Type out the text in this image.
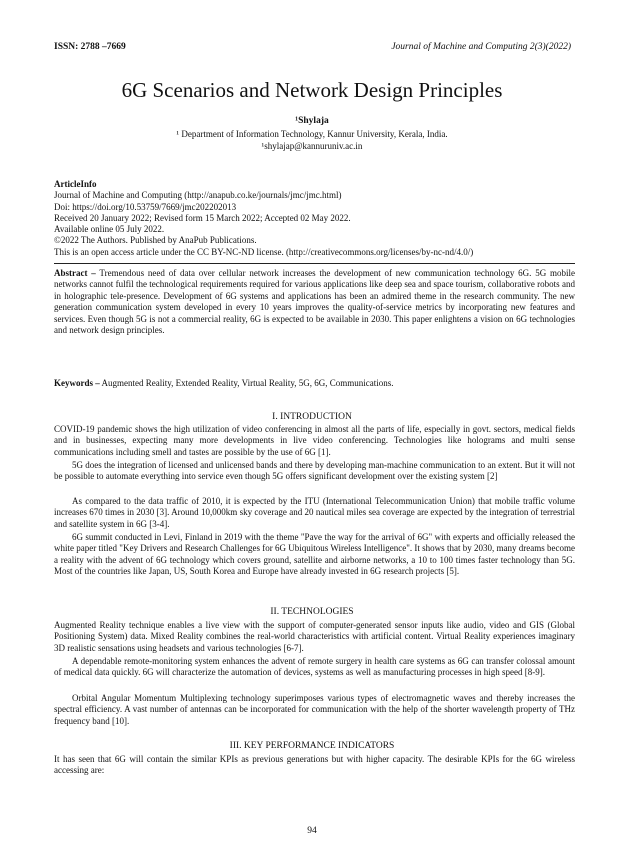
ISSN: 2788 –7669	Journal of Machine and Computing 2(3)(2022)
6G Scenarios and Network Design Principles
¹Shylaja
¹ Department of Information Technology, Kannur University, Kerala, India.
¹shylajap@kannuruniv.ac.in
ArticleInfo
Journal of Machine and Computing (http://anapub.co.ke/journals/jmc/jmc.html)
Doi: https://doi.org/10.53759/7669/jmc202202013
Received 20 January 2022; Revised form 15 March 2022; Accepted 02 May 2022.
Available online 05 July 2022.
©2022 The Authors. Published by AnaPub Publications.
This is an open access article under the CC BY-NC-ND license. (http://creativecommons.org/licenses/by-nc-nd/4.0/)
Abstract – Tremendous need of data over cellular network increases the development of new communication technology 6G. 5G mobile networks cannot fulfil the technological requirements required for various applications like deep sea and space tourism, collaborative robots and in holographic tele-presence. Development of 6G systems and applications has been an admired theme in the research community. The new generation communication system developed in every 10 years improves the quality-of-service metrics by incorporating new features and services. Even though 5G is not a commercial reality, 6G is expected to be available in 2030. This paper enlightens a vision on 6G technologies and network design principles.
Keywords – Augmented Reality, Extended Reality, Virtual Reality, 5G, 6G, Communications.
I. INTRODUCTION
COVID-19 pandemic shows the high utilization of video conferencing in almost all the parts of life, especially in govt. sectors, medical fields and in businesses, expecting many more developments in live video conferencing. Technologies like holograms and multi sense communications including smell and tastes are possible by the use of 6G [1].
5G does the integration of licensed and unlicensed bands and there by developing man-machine communication to an extent. But it will not be possible to automate everything into service even though 5G offers significant development over the existing system [2]
As compared to the data traffic of 2010, it is expected by the ITU (International Telecommunication Union) that mobile traffic volume increases 670 times in 2030 [3]. Around 10,000km sky coverage and 20 nautical miles sea coverage are expected by the integration of terrestrial and satellite system in 6G [3-4].
6G summit conducted in Levi, Finland in 2019 with the theme "Pave the way for the arrival of 6G" with experts and officially released the white paper titled "Key Drivers and Research Challenges for 6G Ubiquitous Wireless Intelligence". It shows that by 2030, many dreams become a reality with the advent of 6G technology which covers ground, satellite and airborne networks, a 10 to 100 times faster technology than 5G. Most of the countries like Japan, US, South Korea and Europe have already invested in 6G research projects [5].
II. TECHNOLOGIES
Augmented Reality technique enables a live view with the support of computer-generated sensor inputs like audio, video and GIS (Global Positioning System) data. Mixed Reality combines the real-world characteristics with artificial content. Virtual Reality experiences imaginary 3D realistic sensations using headsets and various technologies [6-7].
A dependable remote-monitoring system enhances the advent of remote surgery in health care systems as 6G can transfer colossal amount of medical data quickly. 6G will characterize the automation of devices, systems as well as manufacturing processes in high speed [8-9].
Orbital Angular Momentum Multiplexing technology superimposes various types of electromagnetic waves and thereby increases the spectral efficiency. A vast number of antennas can be incorporated for communication with the help of the shorter wavelength property of THz frequency band [10].
III. KEY PERFORMANCE INDICATORS
It has seen that 6G will contain the similar KPIs as previous generations but with higher capacity. The desirable KPIs for the 6G wireless accessing are:
94
